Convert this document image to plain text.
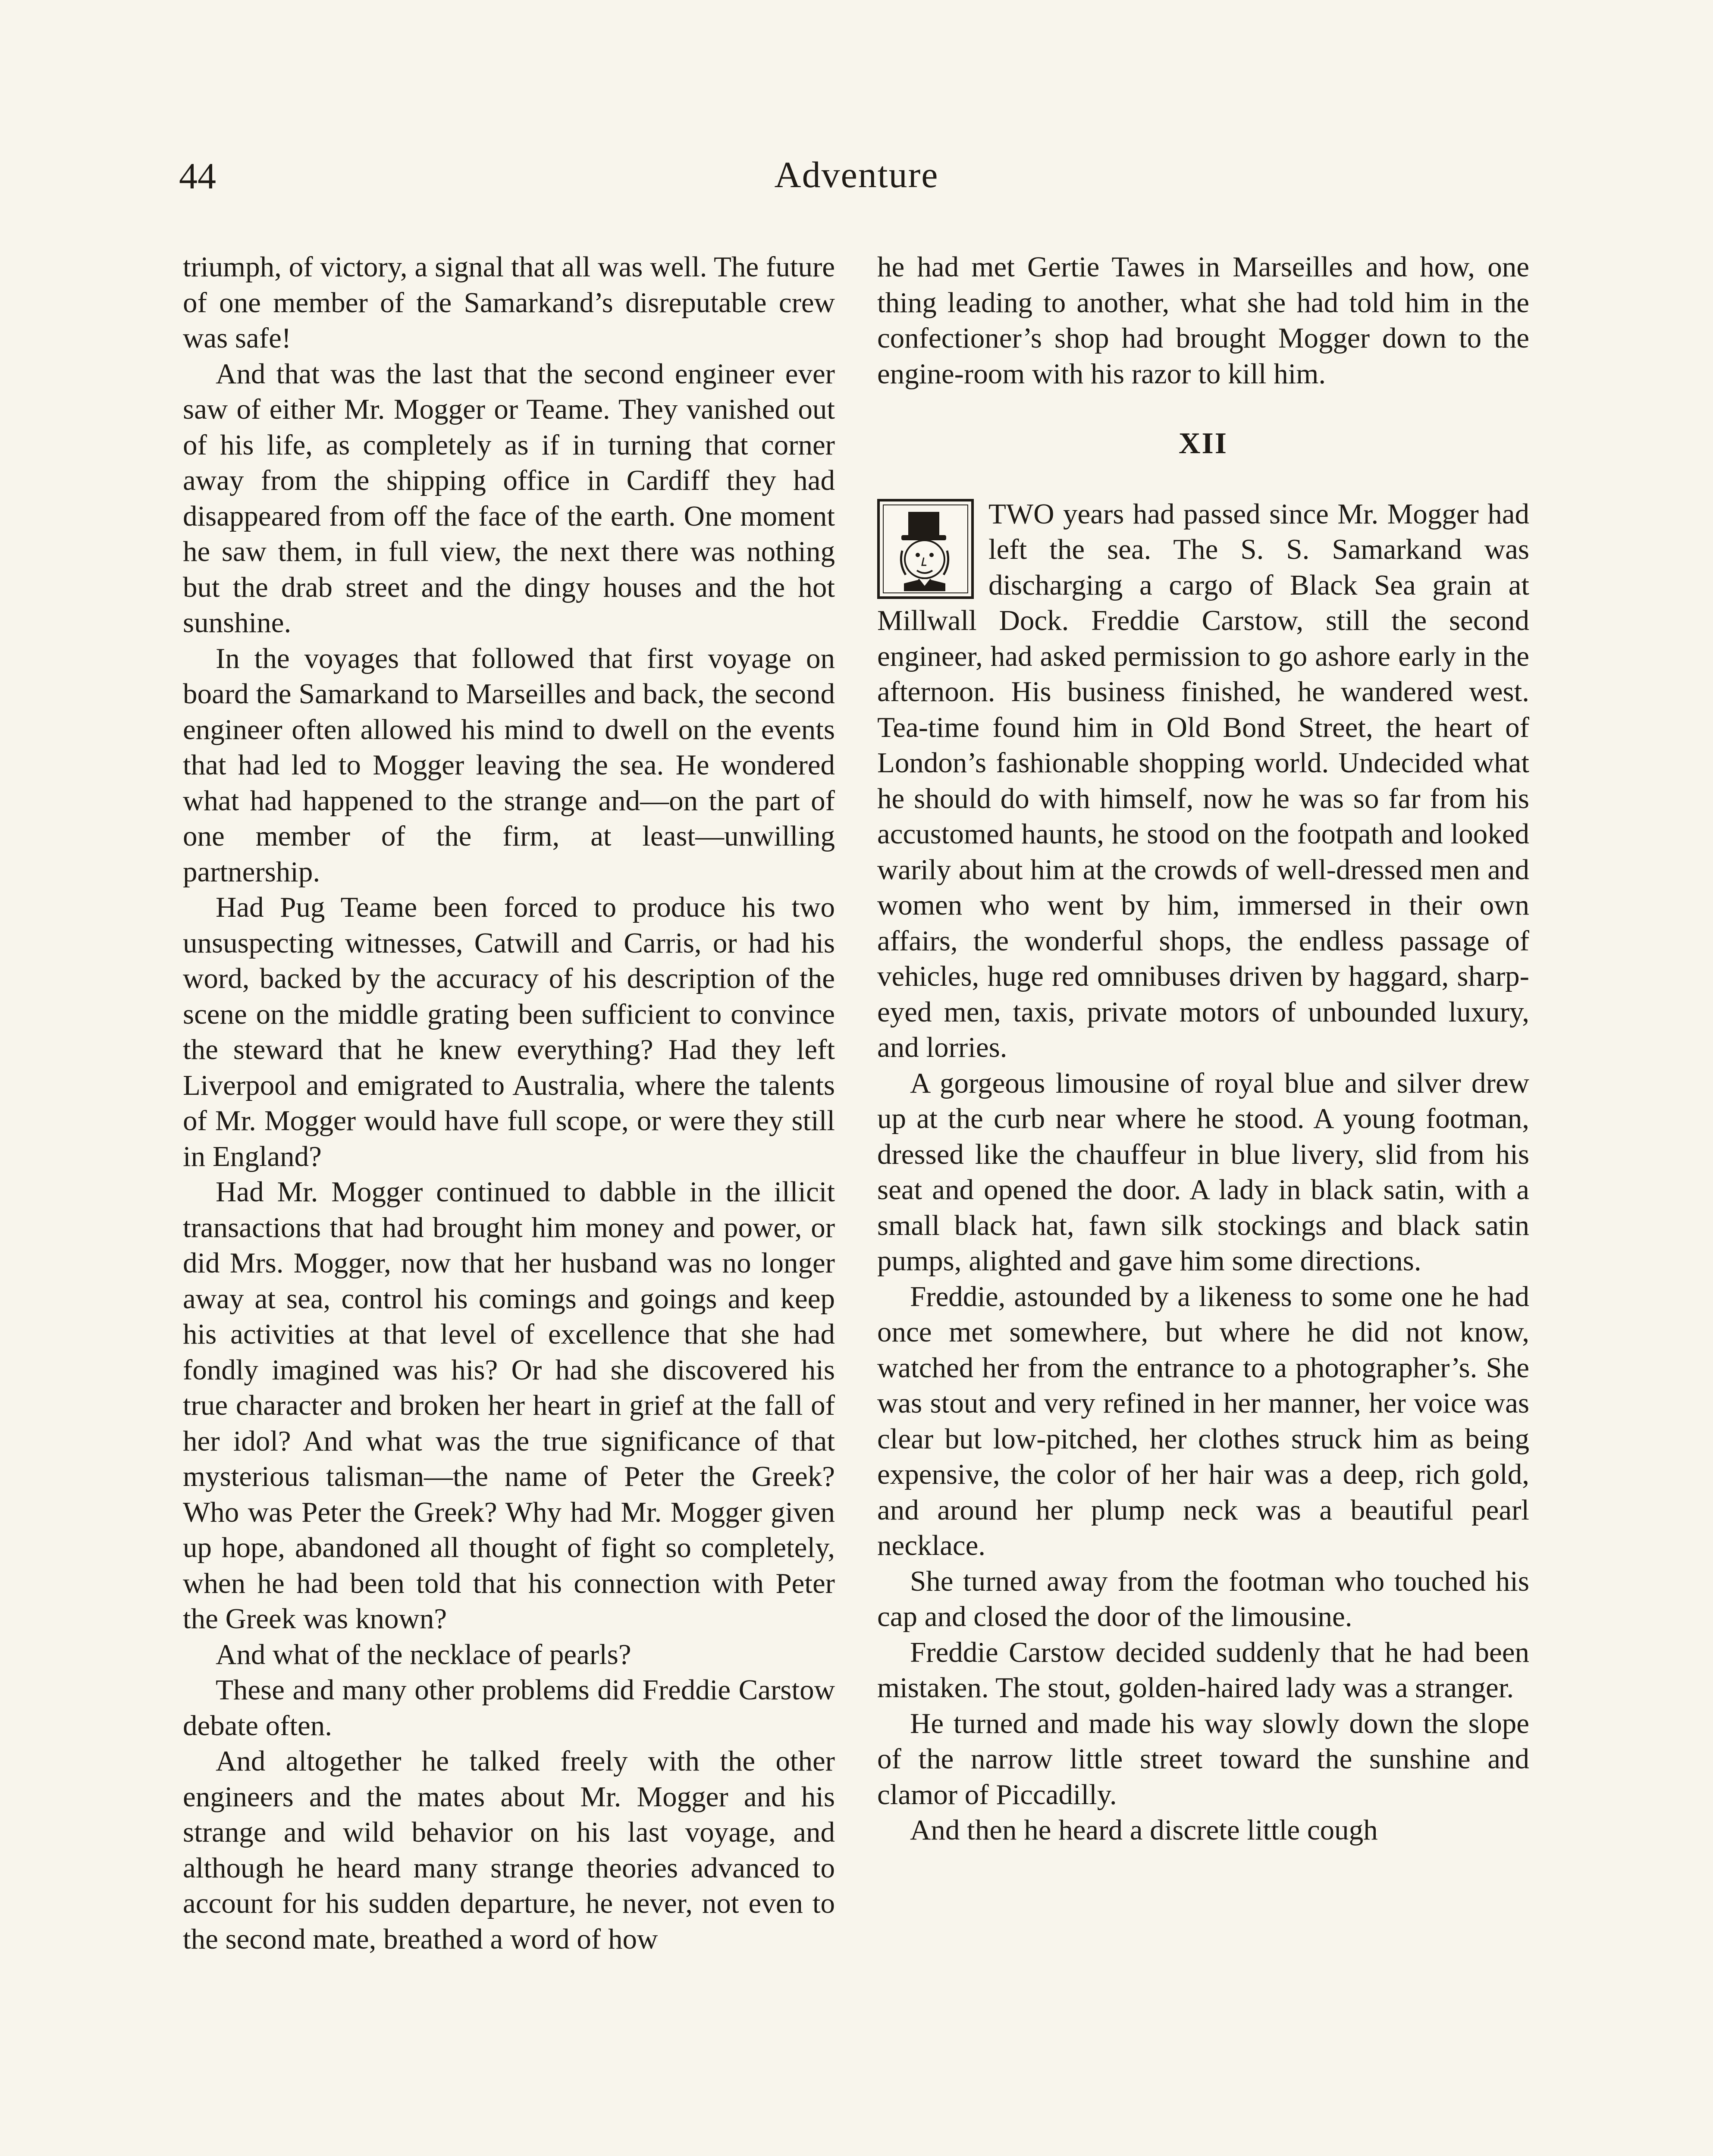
44	Adventure

triumph, of victory, a signal that all was well. The future of one member of the Samarkand’s disreputable crew was safe!

And that was the last that the second engineer ever saw of either Mr. Mogger or Teame. They vanished out of his life, as completely as if in turning that corner away from the shipping office in Cardiff they had disappeared from off the face of the earth. One moment he saw them, in full view, the next there was nothing but the drab street and the dingy houses and the hot sunshine.

In the voyages that followed that first voyage on board the Samarkand to Marseilles and back, the second engineer often allowed his mind to dwell on the events that had led to Mogger leaving the sea. He wondered what had happened to the strange and—on the part of one member of the firm, at least—unwilling partnership.

Had Pug Teame been forced to produce his two unsuspecting witnesses, Catwill and Carris, or had his word, backed by the accuracy of his description of the scene on the middle grating been sufficient to convince the steward that he knew everything? Had they left Liverpool and emigrated to Australia, where the talents of Mr. Mogger would have full scope, or were they still in England?

Had Mr. Mogger continued to dabble in the illicit transactions that had brought him money and power, or did Mrs. Mogger, now that her husband was no longer away at sea, control his comings and goings and keep his activities at that level of excellence that she had fondly imagined was his? Or had she discovered his true character and broken her heart in grief at the fall of her idol? And what was the true significance of that mysterious talisman—the name of Peter the Greek? Who was Peter the Greek? Why had Mr. Mogger given up hope, abandoned all thought of fight so completely, when he had been told that his connection with Peter the Greek was known?

And what of the necklace of pearls?

These and many other problems did Freddie Carstow debate often.

And altogether he talked freely with the other engineers and the mates about Mr. Mogger and his strange and wild behavior on his last voyage, and although he heard many strange theories advanced to account for his sudden departure, he never, not even to the second mate, breathed a word of how

he had met Gertie Tawes in Marseilles and how, one thing leading to another, what she had told him in the confectioner’s shop had brought Mogger down to the engine-room with his razor to kill him.

XII

TWO years had passed since Mr. Mogger had left the sea. The S. S. Samarkand was discharging a cargo of Black Sea grain at Millwall Dock. Freddie Carstow, still the second engineer, had asked permission to go ashore early in the afternoon. His business finished, he wandered west. Tea-time found him in Old Bond Street, the heart of London’s fashionable shopping world. Undecided what he should do with himself, now he was so far from his accustomed haunts, he stood on the footpath and looked warily about him at the crowds of well-dressed men and women who went by him, immersed in their own affairs, the wonderful shops, the endless passage of vehicles, huge red omnibuses driven by haggard, sharp-eyed men, taxis, private motors of unbounded luxury, and lorries.

A gorgeous limousine of royal blue and silver drew up at the curb near where he stood. A young footman, dressed like the chauffeur in blue livery, slid from his seat and opened the door. A lady in black satin, with a small black hat, fawn silk stockings and black satin pumps, alighted and gave him some directions.

Freddie, astounded by a likeness to some one he had once met somewhere, but where he did not know, watched her from the entrance to a photographer’s. She was stout and very refined in her manner, her voice was clear but low-pitched, her clothes struck him as being expensive, the color of her hair was a deep, rich gold, and around her plump neck was a beautiful pearl necklace.

She turned away from the footman who touched his cap and closed the door of the limousine.

Freddie Carstow decided suddenly that he had been mistaken. The stout, golden-haired lady was a stranger.

He turned and made his way slowly down the slope of the narrow little street toward the sunshine and clamor of Piccadilly.

And then he heard a discrete little cough
